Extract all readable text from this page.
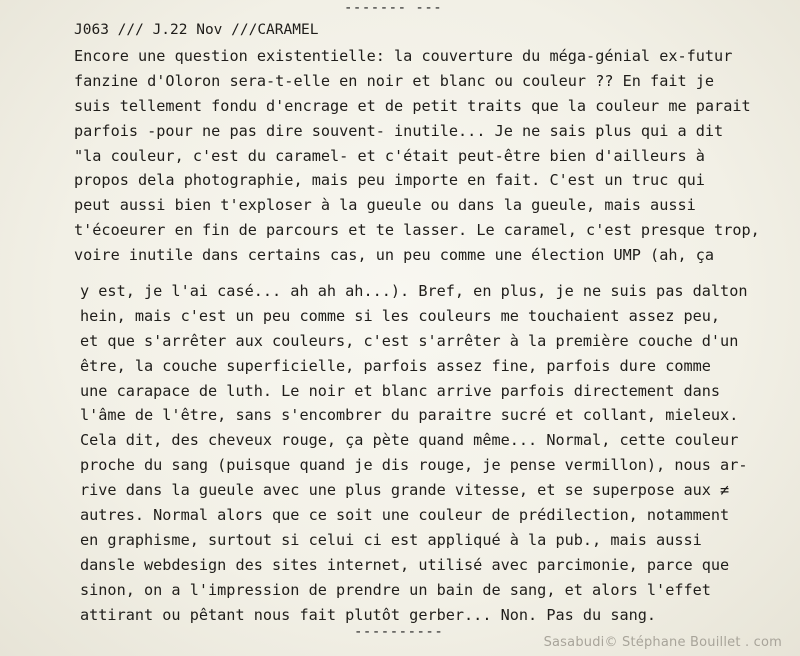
------- ---
J063 /// J.22 Nov ///CARAMEL
Encore une question existentielle: la couverture du méga-génial ex-futur
fanzine d'Oloron sera-t-elle en noir et blanc ou couleur ?? En fait je
suis tellement fondu d'encrage et de petit traits que la couleur me parait
parfois -pour ne pas dire souvent- inutile... Je ne sais plus qui a dit
"la couleur, c'est du caramel- et c'était peut-être bien d'ailleurs à
propos dela photographie, mais peu importe en fait. C'est un truc qui
peut aussi bien t'exploser à la gueule ou dans la gueule, mais aussi
t'écoeurer en fin de parcours et te lasser. Le caramel, c'est presque trop,
voire inutile dans certains cas, un peu comme une élection UMP (ah, ça
y est, je l'ai casé... ah ah ah...). Bref, en plus, je ne suis pas dalton
hein, mais c'est un peu comme si les couleurs me touchaient assez peu,
et que s'arrêter aux couleurs, c'est s'arrêter à la première couche d'un
être, la couche superficielle, parfois assez fine, parfois dure comme
une carapace de luth. Le noir et blanc arrive parfois directement dans
l'âme de l'être, sans s'encombrer du paraitre sucré et collant, mieleux.
Cela dit, des cheveux rouge, ça pète quand même... Normal, cette couleur
proche du sang (puisque quand je dis rouge, je pense vermillon), nous ar-
rive dans la gueule avec une plus grande vitesse, et se superpose aux ≠
autres. Normal alors que ce soit une couleur de prédilection, notamment
en graphisme, surtout si celui ci est appliqué à la pub., mais aussi
dansle webdesign des sites internet, utilisé avec parcimonie, parce que
sinon, on a l'impression de prendre un bain de sang, et alors l'effet
attirant ou pêtant nous fait plutôt gerber... Non. Pas du sang.
----------
Sasabudi© Stéphane Bouillet . com
